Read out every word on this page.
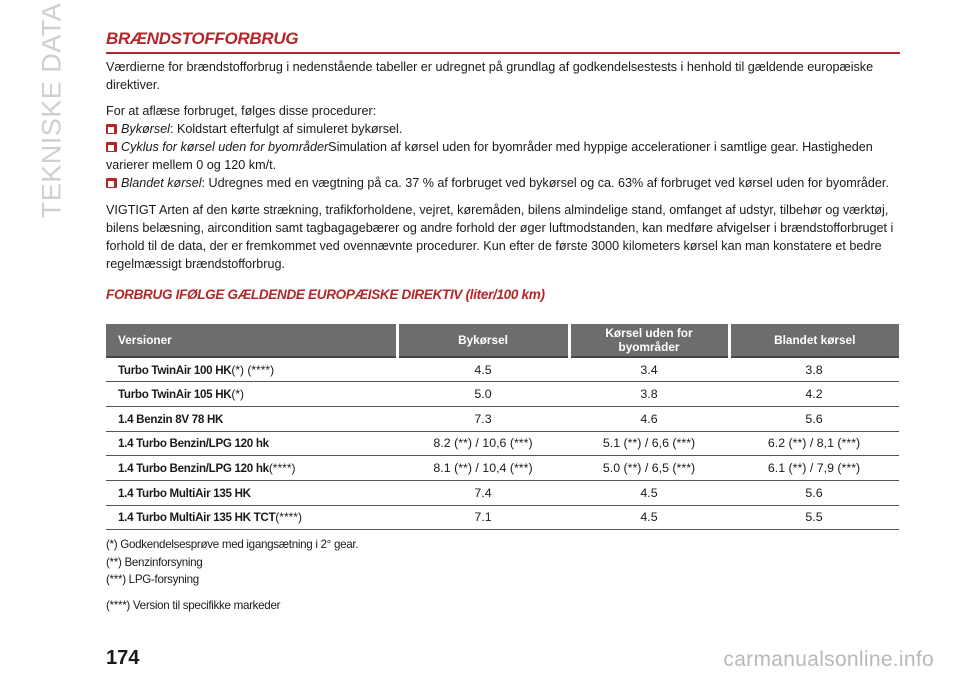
TEKNISKE DATA BRÆNDSTOFFORBRUG

Værdierne for brændstofforbrug i nedenstående tabeller er udregnet på grundlag af godkendelsestests i henhold til gældende europæiske direktiver.

For at aflæse forbruget, følges disse procedurer:

Bykørsel: Koldstart efterfulgt af simuleret bykørsel.
Cyklus for kørsel uden for byområderSimulation af kørsel uden for byområder med hyppige accelerationer i samtlige gear. Hastigheden varierer mellem 0 og 120 km/t.
Blandet kørsel: Udregnes med en vægtning på ca. 37 % af forbruget ved bykørsel og ca. 63% af forbruget ved kørsel uden for byområder.

VIGTIGT Arten af den kørte strækning, trafikforholdene, vejret, køremåden, bilens almindelige stand, omfanget af udstyr, tilbehør og værktøj, bilens belæsning, aircondition samt tagbagagebærer og andre forhold der øger luftmodstanden, kan medføre afvigelser i brændstofforbruget i forhold til de data, der er fremkommet ved ovennævnte procedurer. Kun efter de første 3000 kilometers kørsel kan man konstatere et bedre regelmæssigt brændstofforbrug.

FORBRUG IFØLGE GÆLDENDE EUROPÆISKE DIREKTIV (liter/100 km)
Versioner	Bykørsel	Kørsel uden for byområder	Blandet kørsel
Turbo TwinAir 100 HK(*) (****)	4.5	3.4	3.8
Turbo TwinAir 105 HK(*)	5.0	3.8	4.2
1.4 Benzin 8V 78 HK	7.3	4.6	5.6
1.4 Turbo Benzin/LPG 120 hk	8.2 (**) / 10,6 (***)	5.1 (**) / 6,6 (***)	6.2 (**) / 8,1 (***)
1.4 Turbo Benzin/LPG 120 hk(****)	8.1 (**) / 10,4 (***)	5.0 (**) / 6,5 (***)	6.1 (**) / 7,9 (***)
1.4 Turbo MultiAir 135 HK	7.4	4.5	5.6
1.4 Turbo MultiAir 135 HK TCT(****)	7.1	4.5	5.5
(*) Godkendelsesprøve med igangsætning i 2° gear.
(**) Benzinforsyning
(***) LPG-forsyning
(****) Version til specifikke markeder
174	carmanualsonline.info
